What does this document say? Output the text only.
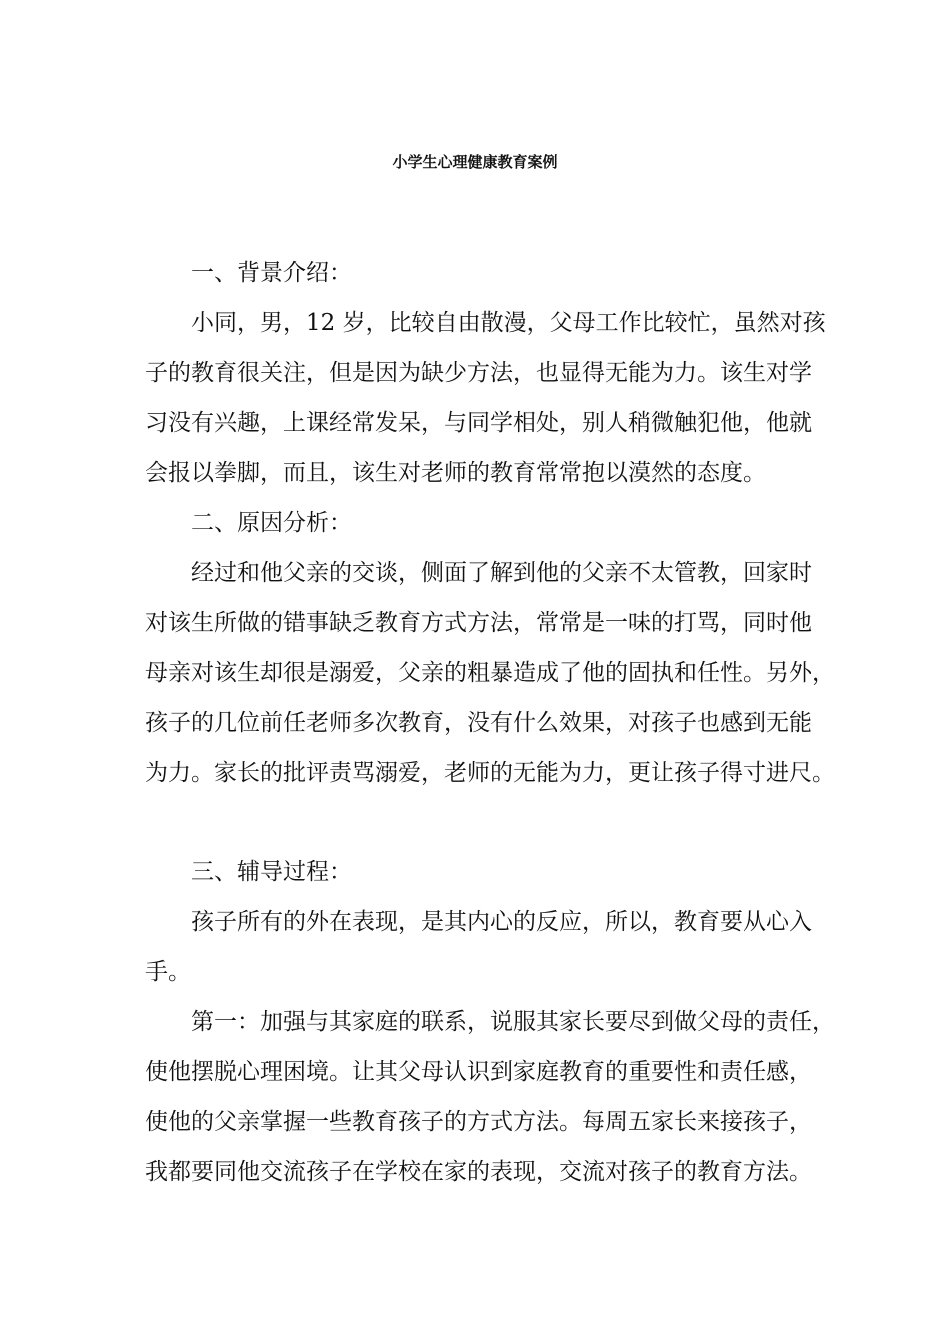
小学生心理健康教育案例
一、背景介绍：
小同，男，12 岁，比较自由散漫，父母工作比较忙，虽然对孩
子的教育很关注，但是因为缺少方法，也显得无能为力。该生对学
习没有兴趣，上课经常发呆，与同学相处，别人稍微触犯他，他就
会报以拳脚，而且，该生对老师的教育常常抱以漠然的态度。
二、原因分析：
经过和他父亲的交谈，侧面了解到他的父亲不太管教，回家时
对该生所做的错事缺乏教育方式方法，常常是一味的打骂，同时他
母亲对该生却很是溺爱，父亲的粗暴造成了他的固执和任性。另外，
孩子的几位前任老师多次教育，没有什么效果，对孩子也感到无能
为力。家长的批评责骂溺爱，老师的无能为力，更让孩子得寸进尺。
三、辅导过程：
孩子所有的外在表现，是其内心的反应，所以，教育要从心入
手。
第一：加强与其家庭的联系，说服其家长要尽到做父母的责任，
使他摆脱心理困境。让其父母认识到家庭教育的重要性和责任感，
使他的父亲掌握一些教育孩子的方式方法。每周五家长来接孩子，
我都要同他交流孩子在学校在家的表现，交流对孩子的教育方法。
